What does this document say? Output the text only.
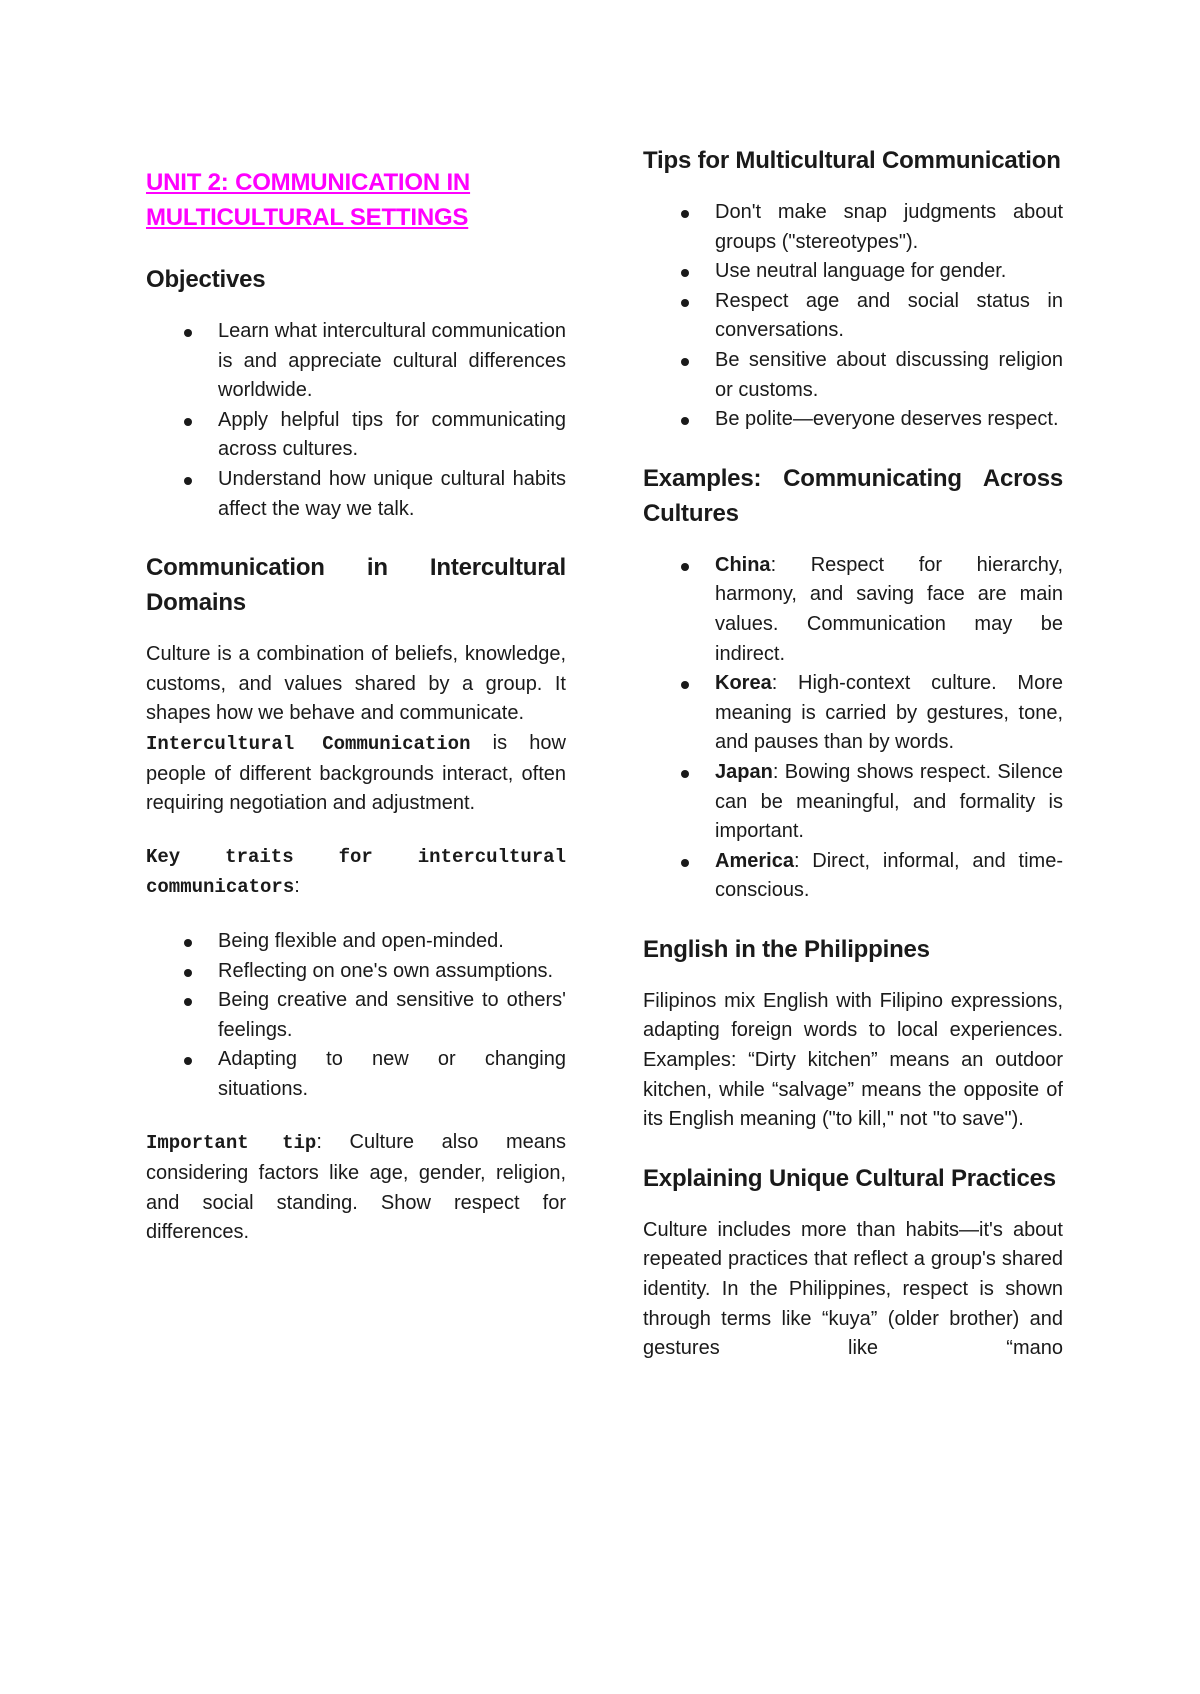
UNIT 2: COMMUNICATION IN
MULTICULTURAL SETTINGS
Objectives
Learn what intercultural communication is and appreciate cultural differences worldwide.
Apply helpful tips for communicating across cultures.
Understand how unique cultural habits affect the way we talk.
Communication in Intercultural Domains

Culture is a combination of beliefs, knowledge, customs, and values shared by a group. It shapes how we behave and communicate.

Intercultural Communication is how people of different backgrounds interact, often requiring negotiation and adjustment.

Key traits for intercultural communicators:

Being flexible and open-minded.
Reflecting on one's own assumptions.
Being creative and sensitive to others' feelings.
Adapting to new or changing situations.

Important tip: Culture also means considering factors like age, gender, religion, and social standing. Show respect for differences.

Tips for Multicultural Communication
Don't make snap judgments about groups ("stereotypes").
Use neutral language for gender.
Respect age and social status in conversations.
Be sensitive about discussing religion or customs.
Be polite—everyone deserves respect.
Examples: Communicating Across Cultures
China: Respect for hierarchy, harmony, and saving face are main values. Communication may be indirect.
Korea: High-context culture. More meaning is carried by gestures, tone, and pauses than by words.
Japan: Bowing shows respect. Silence can be meaningful, and formality is important.
America: Direct, informal, and time-conscious.
English in the Philippines

Filipinos mix English with Filipino expressions, adapting foreign words to local experiences. Examples: “Dirty kitchen” means an outdoor kitchen, while “salvage” means the opposite of its English meaning ("to kill," not "to save").

Explaining Unique Cultural Practices

Culture includes more than habits—it's about repeated practices that reflect a group's shared identity. In the Philippines, respect is shown through terms like “kuya” (older brother) and gestures like “mano
